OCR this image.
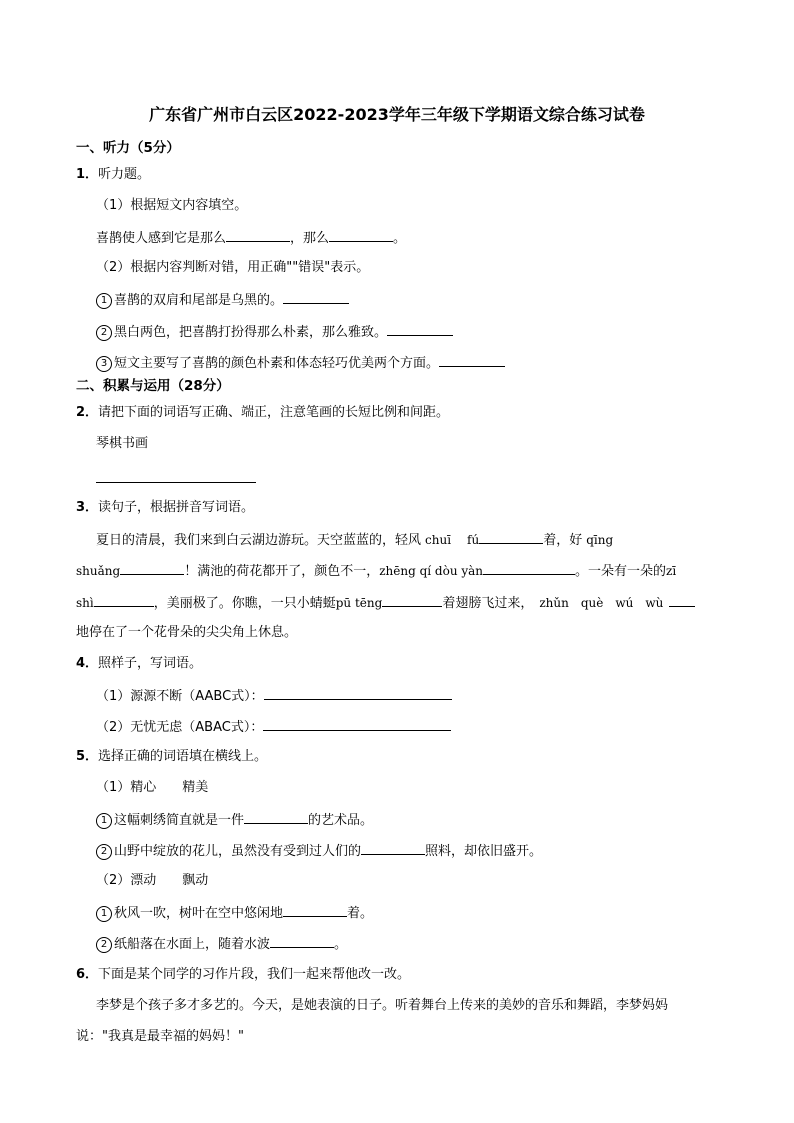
广东省广州市白云区2022-2023学年三年级下学期语文综合练习试卷
一、听力（5分）
1．听力题。
（1）根据短文内容填空。
喜鹊使人感到它是那么	，那么	。
（2）根据内容判断对错，用正确""错误"表示。
1 喜鹊的双肩和尾部是乌黑的。
2 黑白两色，把喜鹊打扮得那么朴素，那么雅致。
3 短文主要写了喜鹊的颜色朴素和体态轻巧优美两个方面。
二、积累与运用（28分）
2．请把下面的词语写正确、端正，注意笔画的长短比例和间距。
琴棋书画
3．读句子，根据拼音写词语。
夏日的清晨，我们来到白云湖边游玩。天空蓝蓝的，轻风 chuī fú	着，好 qīng
shuǎng	！满池的荷花都开了，颜色不一，zhēng qí dòu yàn	。一朵有一朵的zī
shì	，美丽极了。你瞧，一只小蜻蜓pū tēng	着翅膀飞过来， zhǔn què wú wù
地停在了一个花骨朵的尖尖角上休息。
4．照样子，写词语。
（1）源源不断（AABC式）：
（2）无忧无虑（ABAC式）：
5．选择正确的词语填在横线上。
（1）精心　　精美
1 这幅刺绣简直就是一件	的艺术品。
2 山野中绽放的花儿，虽然没有受到过人们的	照料，却依旧盛开。
（2）漂动　　飘动
1 秋风一吹，树叶在空中悠闲地	着。
2 纸船落在水面上，随着水波	。
6．下面是某个同学的习作片段，我们一起来帮他改一改。
李梦是个孩子多才多艺的。今天，是她表演的日子。听着舞台上传来的美妙的音乐和舞蹈，李梦妈妈
说："我真是最幸福的妈妈！"
